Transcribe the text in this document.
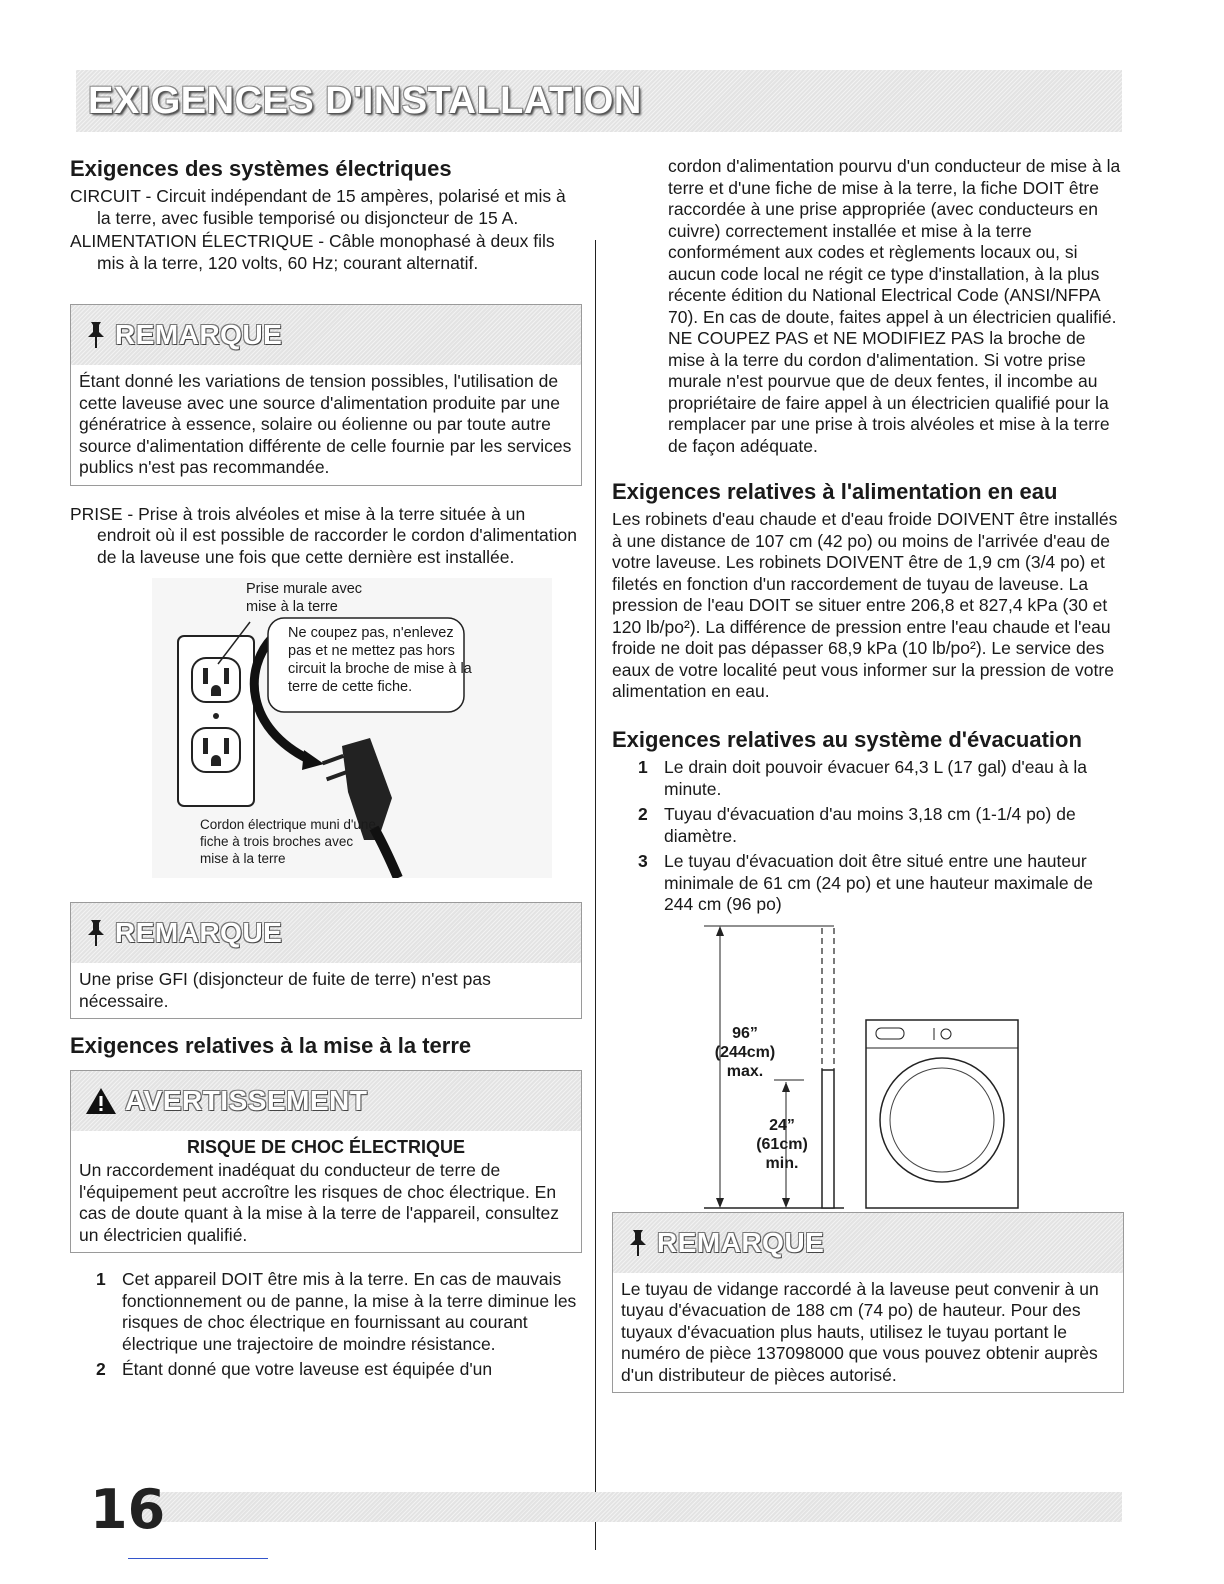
EXIGENCES D'INSTALLATION
Exigences des systèmes électriques

CIRCUIT - Circuit indépendant de 15 ampères, polarisé et mis à la terre, avec fusible temporisé ou disjoncteur de 15 A.

ALIMENTATION ÉLECTRIQUE - Câble monophasé à deux fils mis à la terre, 120 volts, 60 Hz; courant alternatif.

REMARQUE
Étant donné les variations de tension possibles, l'utilisation de cette laveuse avec une source d'alimentation produite par une génératrice à essence, solaire ou éolienne ou par toute autre source d'alimentation différente de celle fournie par les services publics n'est pas recommandée.

PRISE - Prise à trois alvéoles et mise à la terre située à un endroit où il est possible de raccorder le cordon d'alimentation de la laveuse une fois que cette dernière est installée.

Prise murale avec mise à la terre
Ne coupez pas, n'enlevez pas et ne mettez pas hors circuit la broche de mise à la terre de cette fiche.
Cordon électrique muni d'une fiche à trois broches avec mise à la terre
REMARQUE
Une prise GFI (disjoncteur de fuite de terre) n'est pas nécessaire.
Exigences relatives à la mise à la terre
AVERTISSEMENT
RISQUE DE CHOC ÉLECTRIQUE
Un raccordement inadéquat du conducteur de terre de l'équipement peut accroître les risques de choc électrique. En cas de doute quant à la mise à la terre de l'appareil, consultez un électricien qualifié.
1 Cet appareil DOIT être mis à la terre. En cas de mauvais fonctionnement ou de panne, la mise à la terre diminue les risques de choc électrique en fournissant au courant électrique une trajectoire de moindre résistance.
2 Étant donné que votre laveuse est équipée d'un

cordon d'alimentation pourvu d'un conducteur de mise à la terre et d'une fiche de mise à la terre, la fiche DOIT être raccordée à une prise appropriée (avec conducteurs en cuivre) correctement installée et mise à la terre conformément aux codes et règlements locaux ou, si aucun code local ne régit ce type d'installation, à la plus récente édition du National Electrical Code (ANSI/NFPA 70). En cas de doute, faites appel à un électricien qualifié. NE COUPEZ PAS et NE MODIFIEZ PAS la broche de mise à la terre du cordon d'alimentation. Si votre prise murale n'est pourvue que de deux fentes, il incombe au propriétaire de faire appel à un électricien qualifié pour la remplacer par une prise à trois alvéoles et mise à la terre de façon adéquate.

Exigences relatives à l'alimentation en eau

Les robinets d'eau chaude et d'eau froide DOIVENT être installés à une distance de 107 cm (42 po) ou moins de l'arrivée d'eau de votre laveuse. Les robinets DOIVENT être de 1,9 cm (3/4 po) et filetés en fonction d'un raccordement de tuyau de laveuse. La pression de l'eau DOIT se situer entre 206,8 et 827,4 kPa (30 et 120 lb/po²). La différence de pression entre l'eau chaude et l'eau froide ne doit pas dépasser 68,9 kPa (10 lb/po²). Le service des eaux de votre localité peut vous informer sur la pression de votre alimentation en eau.

Exigences relatives au système d'évacuation
1 Le drain doit pouvoir évacuer 64,3 L (17 gal) d'eau à la minute.
2 Tuyau d'évacuation d'au moins 3,18 cm (1-1/4 po) de diamètre.
3 Le tuyau d'évacuation doit être situé entre une hauteur minimale de 61 cm (24 po) et une hauteur maximale de 244 cm (96 po)
96”
(244cm)
max.
24”
(61cm)
min.
REMARQUE
Le tuyau de vidange raccordé à la laveuse peut convenir à un tuyau d'évacuation de 188 cm (74 po) de hauteur. Pour des tuyaux d'évacuation plus hauts, utilisez le tuyau portant le numéro de pièce 137098000 que vous pouvez obtenir auprès d'un distributeur de pièces autorisé.
16
